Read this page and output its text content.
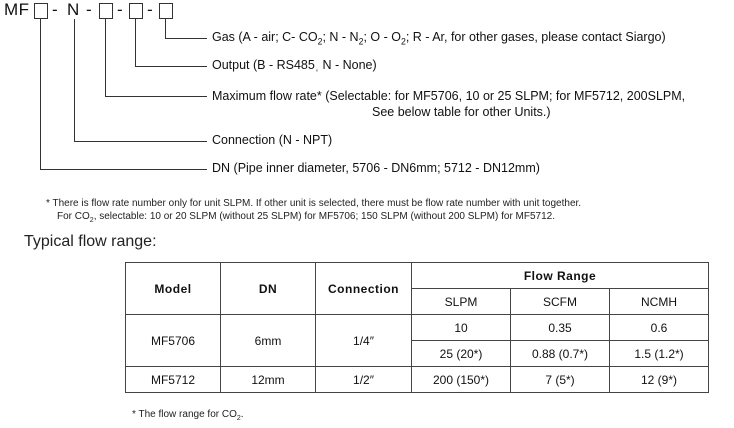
MF - N - - -
Gas (A - air; C- $CO_2$; N - $N_2$; O - $O_2$; R - Ar, for other gases, please contact Siargo)
Output (B - RS485ˌ N - None)
Maximum flow rate* (Selectable: for MF5706, 10 or 25 SLPM; for MF5712, 200SLPM,
See below table for other Units.)
Connection (N - NPT)
DN (Pipe inner diameter, 5706 - DN6mm; 5712 - DN12mm)
* There is flow rate number only for unit SLPM. If other unit is selected, there must be flow rate number with unit together.
For $CO_2$, selectable: 10 or 20 SLPM (without 25 SLPM) for MF5706; 150 SLPM (without 200 SLPM) for MF5712.
Typical flow range:
Model	DN	Connection	Flow Range		
			SLPM	SCFM	NCMH
MF5706	6mm	1/4″	10	0.35	0.6
			25 (20*)	0.88 (0.7*)	1.5 (1.2*)
MF5712	12mm	1/2″	200 (150*)	7 (5*)	12 (9*)
* The flow range for $CO_2$.
